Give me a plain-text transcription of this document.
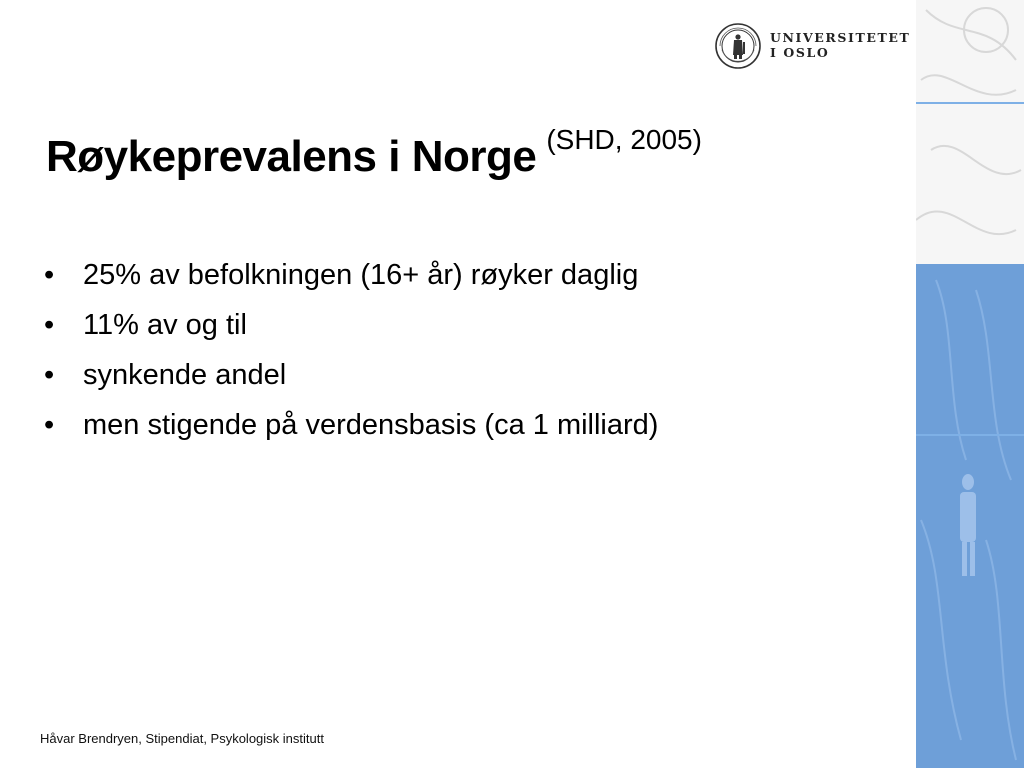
UNIVERSITETET
I OSLO
Røykeprevalens i Norge (SHD, 2005)
• 25% av befolkningen (16+ år) røyker daglig
• 11% av og til
• synkende andel
• men stigende på verdensbasis (ca 1 milliard)
Håvar Brendryen, Stipendiat, Psykologisk institutt
